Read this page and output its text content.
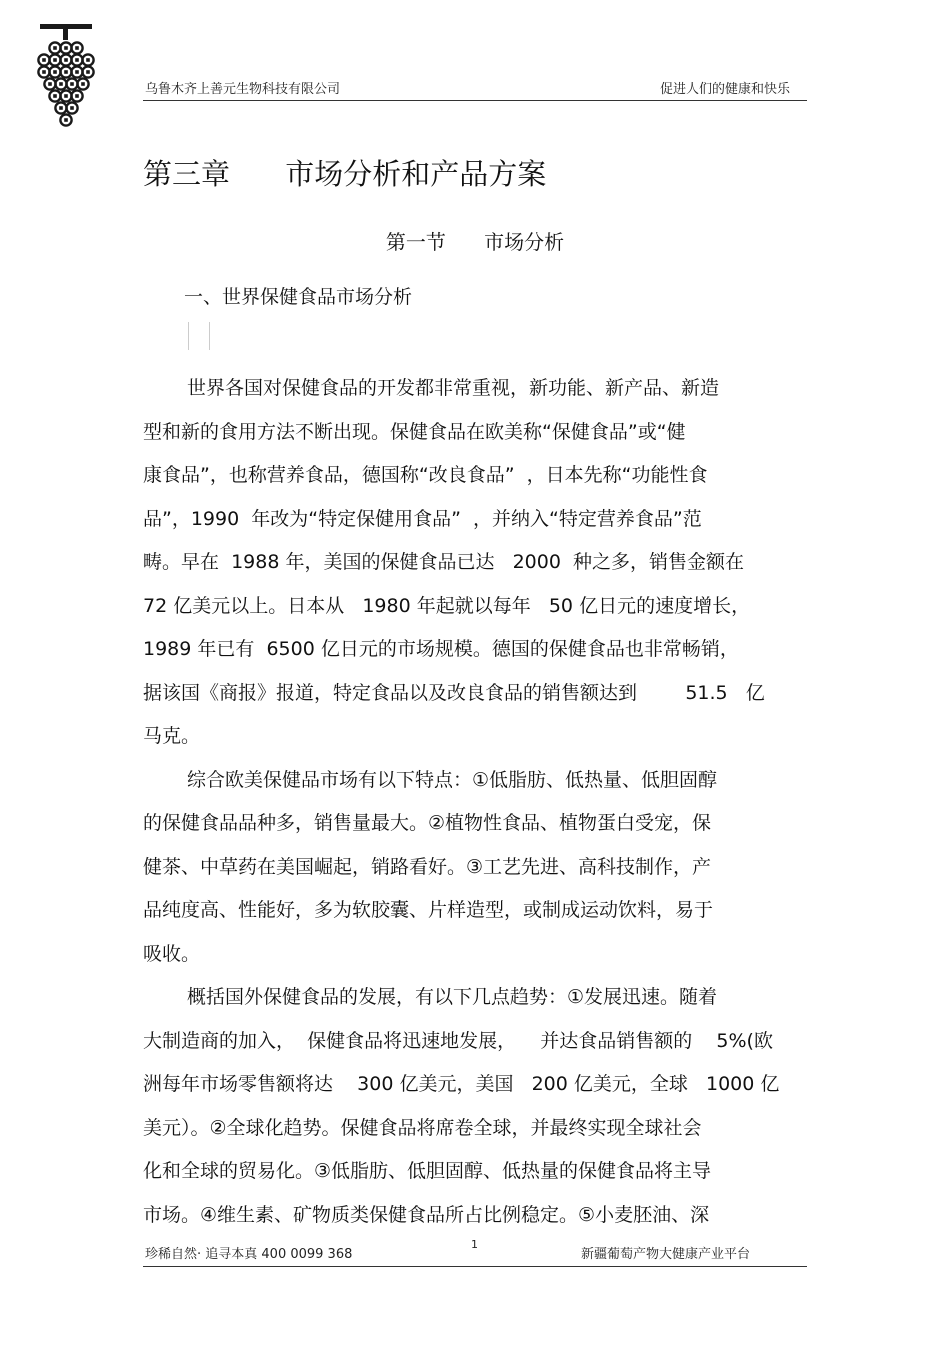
乌鲁木齐上善元生物科技有限公司	促进人们的健康和快乐
第三章      市场分析和产品方案
第一节      市场分析
一、世界保健食品市场分析
世界各国对保健食品的开发都非常重视，新功能、新产品、新造
型和新的食用方法不断出现。保健食品在欧美称“保健食品”或“健
康食品”，也称营养食品，德国称“改良食品”  ，日本先称“功能性食
品”，1990  年改为“特定保健用食品”  ，并纳入“特定营养食品”范
畴。早在  1988 年，美国的保健食品已达   2000  种之多，销售金额在
72 亿美元以上。日本从   1980 年起就以每年   50 亿日元的速度增长，
1989 年已有  6500 亿日元的市场规模。德国的保健食品也非常畅销，
据该国《商报》报道，特定食品以及改良食品的销售额达到        51.5   亿
马克。
综合欧美保健品市场有以下特点：①低脂肪、低热量、低胆固醇
的保健食品品种多，销售量最大。②植物性食品、植物蛋白受宠，保
健茶、中草药在美国崛起，销路看好。③工艺先进、高科技制作，产
品纯度高、性能好，多为软胶囊、片样造型，或制成运动饮料，易于
吸收。
概括国外保健食品的发展，有以下几点趋势：①发展迅速。随着
大制造商的加入，  保健食品将迅速地发展，    并达食品销售额的    5%(欧
洲每年市场零售额将达    300 亿美元，美国   200 亿美元，全球   1000 亿
美元）。②全球化趋势。保健食品将席卷全球，并最终实现全球社会
化和全球的贸易化。③低脂肪、低胆固醇、低热量的保健食品将主导
市场。④维生素、矿物质类保健食品所占比例稳定。⑤小麦胚油、深
珍稀自然· 追寻本真 400 0099 368
1
新疆葡萄产物大健康产业平台
